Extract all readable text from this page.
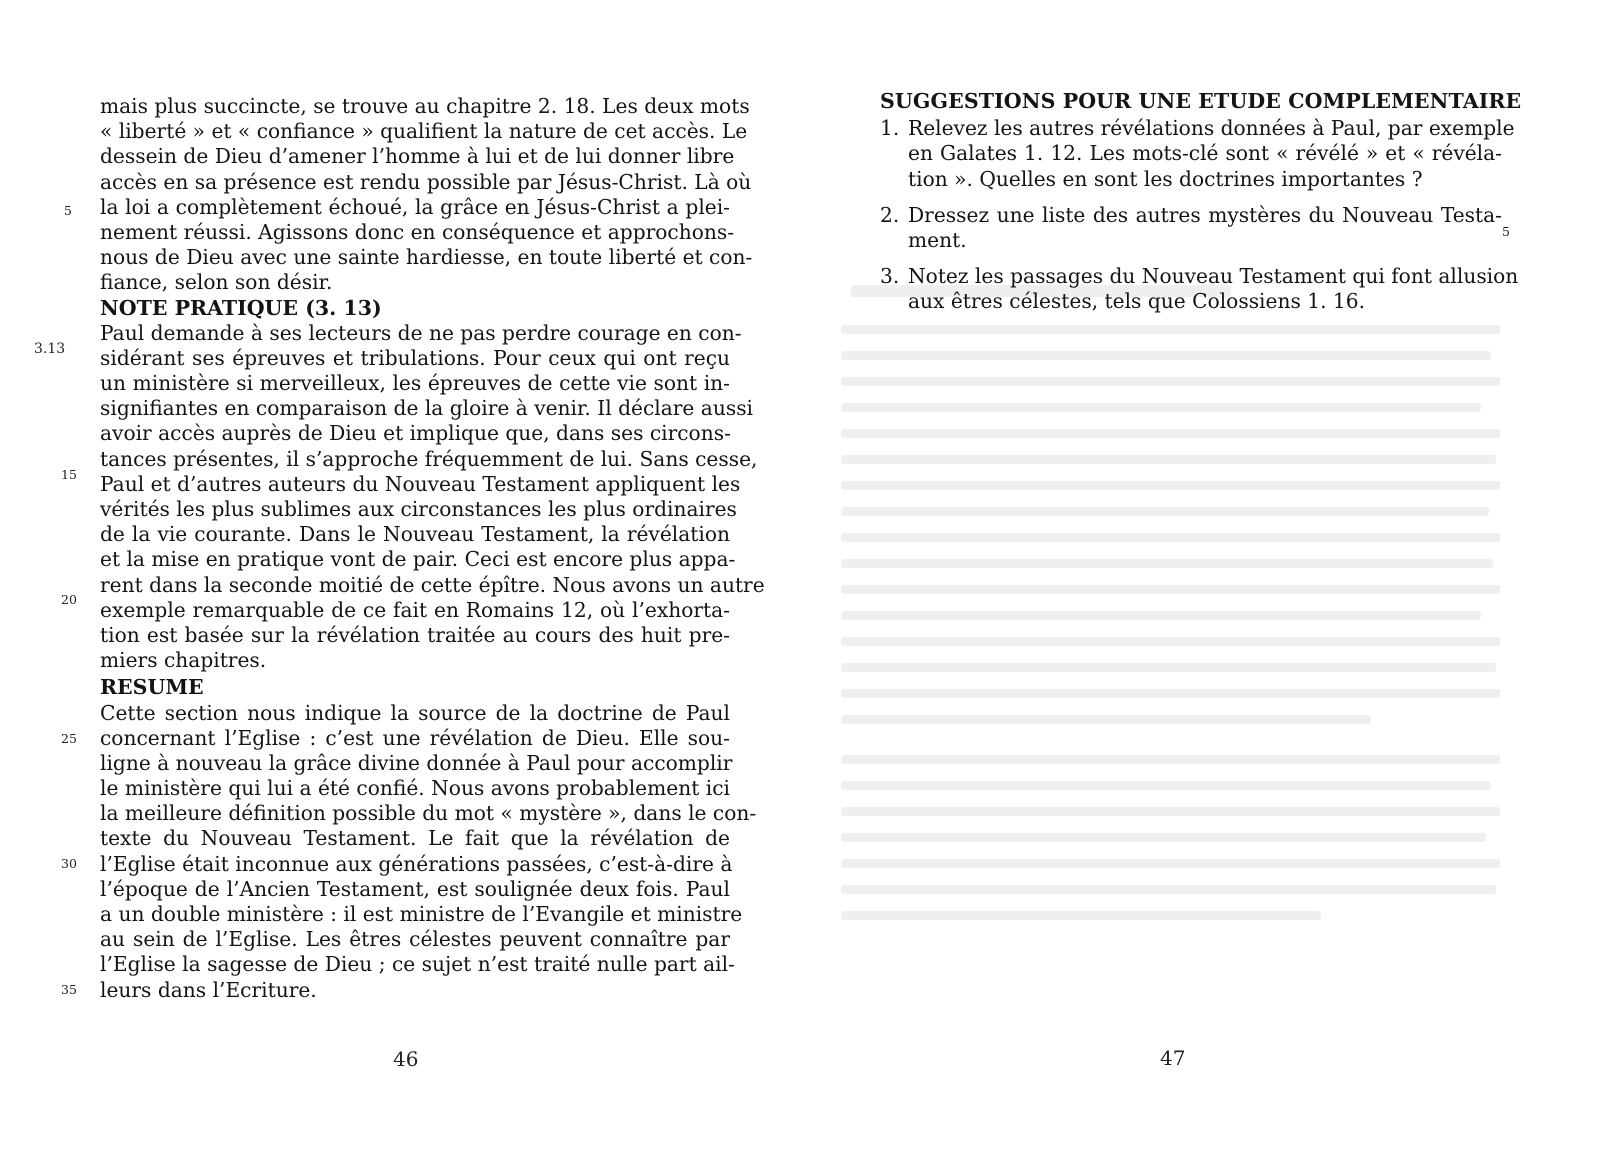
mais plus succincte, se trouve au chapitre 2. 18. Les deux mots
« liberté » et « confiance » qualifient la nature de cet accès. Le
dessein de Dieu d’amener l’homme à lui et de lui donner libre
accès en sa présence est rendu possible par Jésus-Christ. Là où
la loi a complètement échoué, la grâce en Jésus-Christ a plei-
nement réussi. Agissons donc en conséquence et approchons-
nous de Dieu avec une sainte hardiesse, en toute liberté et con-
fiance, selon son désir.
NOTE PRATIQUE (3. 13)
Paul demande à ses lecteurs de ne pas perdre courage en con-
sidérant ses épreuves et tribulations. Pour ceux qui ont reçu
un ministère si merveilleux, les épreuves de cette vie sont in-
signifiantes en comparaison de la gloire à venir. Il déclare aussi
avoir accès auprès de Dieu et implique que, dans ses circons-
tances présentes, il s’approche fréquemment de lui. Sans cesse,
Paul et d’autres auteurs du Nouveau Testament appliquent les
vérités les plus sublimes aux circonstances les plus ordinaires
de la vie courante. Dans le Nouveau Testament, la révélation
et la mise en pratique vont de pair. Ceci est encore plus appa-
rent dans la seconde moitié de cette épître. Nous avons un autre
exemple remarquable de ce fait en Romains 12, où l’exhorta-
tion est basée sur la révélation traitée au cours des huit pre-
miers chapitres.
RESUME
Cette section nous indique la source de la doctrine de Paul
concernant l’Eglise : c’est une révélation de Dieu. Elle sou-
ligne à nouveau la grâce divine donnée à Paul pour accomplir
le ministère qui lui a été confié. Nous avons probablement ici
la meilleure définition possible du mot « mystère », dans le con-
texte du Nouveau Testament. Le fait que la révélation de
l’Eglise était inconnue aux générations passées, c’est-à-dire à
l’époque de l’Ancien Testament, est soulignée deux fois. Paul
a un double ministère : il est ministre de l’Evangile et ministre
au sein de l’Eglise. Les êtres célestes peuvent connaître par
l’Eglise la sagesse de Dieu ; ce sujet n’est traité nulle part ail-
leurs dans l’Ecriture.
3.13
5
15
20
25
30
35
46

SUGGESTIONS POUR UNE ETUDE COMPLEMENTAIRE
1. Relevez les autres révélations données à Paul, par exemple
en Galates 1. 12. Les mots-clé sont « révélé » et « révéla-
tion ». Quelles en sont les doctrines importantes ?
2. Dressez une liste des autres mystères du Nouveau Testa-
ment.
3. Notez les passages du Nouveau Testament qui font allusion
aux êtres célestes, tels que Colossiens 1. 16.
5
47
